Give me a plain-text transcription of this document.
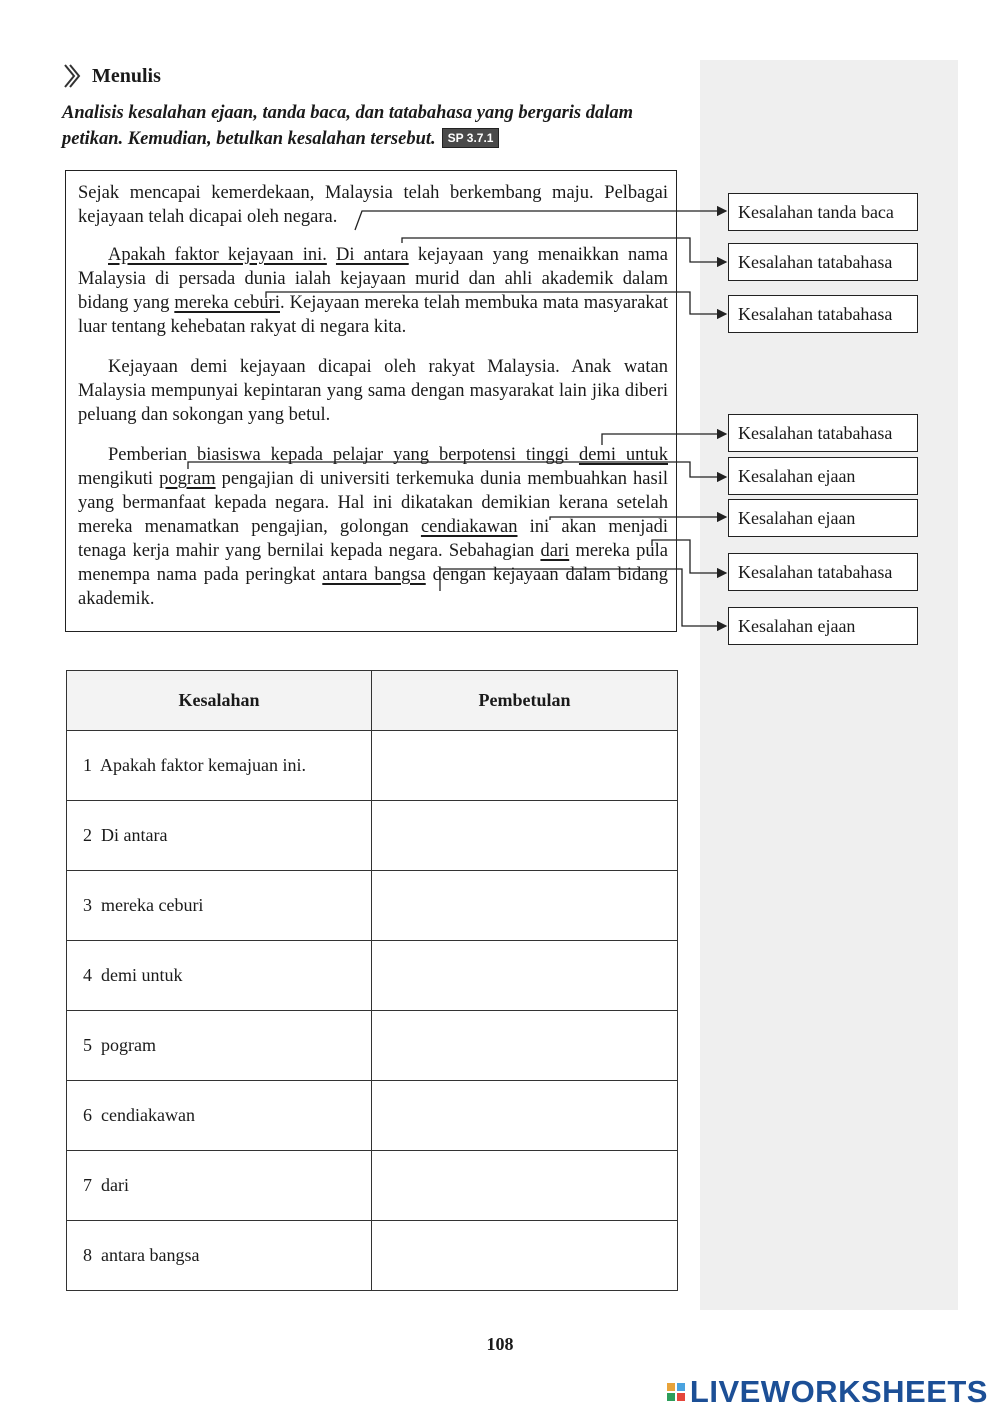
Menulis
Analisis kesalahan ejaan, tanda baca, dan tatabahasa yang bergaris dalam petikan. Kemudian, betulkan kesalahan tersebut. SP 3.7.1
Sejak mencapai kemerdekaan, Malaysia telah berkembang maju. Pelbagai kejayaan telah dicapai oleh negara.
Apakah faktor kejayaan ini. Di antara kejayaan yang menaikkan nama Malaysia di persada dunia ialah kejayaan murid dan ahli akademik dalam bidang yang mereka ceburi. Kejayaan mereka telah membuka mata masyarakat luar tentang kehebatan rakyat di negara kita.
Kejayaan demi kejayaan dicapai oleh rakyat Malaysia. Anak watan Malaysia mempunyai kepintaran yang sama dengan masyarakat lain jika diberi peluang dan sokongan yang betul.
Pemberian biasiswa kepada pelajar yang berpotensi tinggi demi untuk mengikuti pogram pengajian di universiti terkemuka dunia membuahkan hasil yang bermanfaat kepada negara. Hal ini dikatakan demikian kerana setelah mereka menamatkan pengajian, golongan cendiakawan ini akan menjadi tenaga kerja mahir yang bernilai kepada negara. Sebahagian dari mereka pula menempa nama pada peringkat antara bangsa dengan kejayaan dalam bidang akademik.
Kesalahan tanda baca
Kesalahan tatabahasa
Kesalahan tatabahasa
Kesalahan tatabahasa
Kesalahan ejaan
Kesalahan ejaan
Kesalahan tatabahasa
Kesalahan ejaan
Kesalahan	Pembetulan
1 Apakah faktor kemajuan ini.	
2 Di antara	
3 mereka ceburi	
4 demi untuk	
5 pogram	
6 cendiakawan	
7 dari	
8 antara bangsa	
108
LIVEWORKSHEETS
